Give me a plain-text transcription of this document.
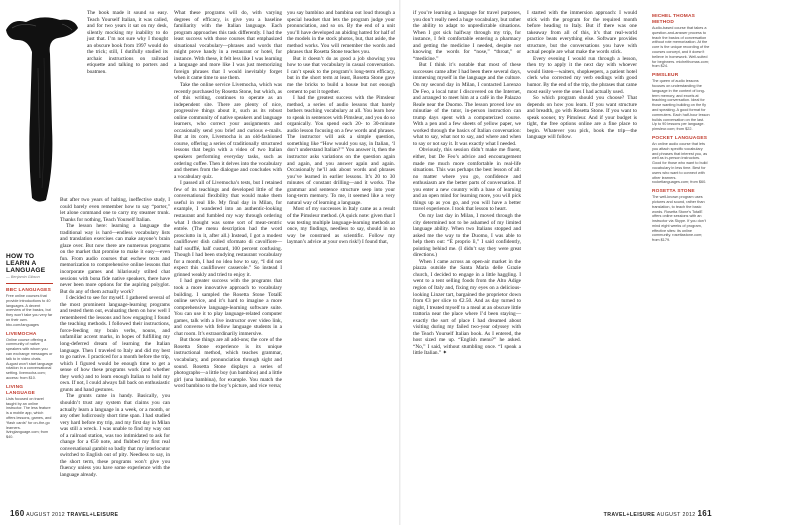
The book made it sound so easy. Teach Yourself Italian, it was called, and for two years it sat on my desk, silently mocking my inability to do just that. I’m not sure why I thought an obscure book from 1997 would do the trick; still, I dutifully studied its archaic instructions on railroad etiquette and talking to porters and boatmen.

But after two years of halting, ineffective study, I could barely even remember how to say “porter,” let alone command one to carry my steamer trunk. Thanks for nothing, Teach Yourself Italian.

The lesson here: learning a language the traditional way is hard—endless vocabulary lists and translation exercises can make anyone’s brain glaze over. But now there are numerous programs on the market that promise to make it easy—even fun. From audio courses that eschew texts and memorization to comprehensive online lessons that incorporate games and hilariously stilted chat sessions with bona fide native speakers, there have never been more options for the aspiring polyglot. But do any of them actually work?

I decided to see for myself. I gathered several of the most prominent language-learning programs and tested them out, evaluating them on how well I remembered the lessons and how engaging I found the teaching methods. I followed their instructions, force-feeding my brain verbs, nouns, and unfamiliar accent marks, in hopes of fulfilling my long-deferred dream of learning the Italian language. Then I traveled to Italy and did my best to go native. I practiced for a month before the trip, which I figured would be enough time to get a sense of how these programs work (and whether they work) and to learn enough Italian to hold my own. If not, I could always fall back on enthusiastic grunts and hand gestures.

The grunts came in handy. Basically, you shouldn’t trust any system that claims you can actually learn a language in a week, or a month, or any other ludicrously short time span. I had studied very hard before my trip, and my first day in Milan was still a wreck. I was unable to find my way out of a railroad station, was too intimidated to ask for change for a €50 note, and flubbed my first real conversational gambit so badly that my interlocutor switched to English out of pity. Needless to say, in the short term, these programs won’t give you fluency unless you have some experience with the language already.

What these programs will do, with varying degrees of efficacy, is give you a baseline familiarity with the Italian language. Each program approaches this task differently. I had the least success with those courses that emphasized situational vocabulary—phrases and words that might prove handy in a restaurant or hotel, for instance. With these, it felt less like I was learning a language and more like I was just memorizing foreign phrases that I would inevitably forget when it came time to use them.

Take the online service Livemocha, which was recently purchased by Rosetta Stone, but which, as of this writing, continues to operate as an independent site. There are plenty of nice, progressive things about it, such as its robust online community of native speakers and language learners, who correct your assignments and occasionally send you brief and curious e-mails. But at its core, Livemocha is an old-fashioned course, offering a series of traditionally structured lessons that begin with a video of two Italian speakers performing everyday tasks, such as ordering coffee. Then it delves into the vocabulary and themes from the dialogue and concludes with a vocabulary quiz.

I passed all of Livemocha’s tests, but I retained few of its teachings and developed little of the conversational flexibility that would make them useful in real life. My final day in Milan, for example, I wandered into an authentic-looking restaurant and fumbled my way through ordering what I thought was some sort of meat-centric entrée. (The menu description had the word prosciutto in it, after all.) Instead, I got a modest cauliflower dish called sformato di cavolfiore—half soufflé, half custard, 100 percent confusing. Though I had been studying restaurant vocabulary for a month, I had no idea how to say, “I did not expect this cauliflower casserole.” So instead I grinned weakly and tried to enjoy it.

I had greater success with the programs that took a more innovative approach to vocabulary building. I sampled the Rosetta Stone TotalE online service, and it’s hard to imagine a more comprehensive language-learning software suite. You can use it to play language-related computer games, talk with a live instructor over video link, and converse with fellow language students in a chat room. It’s extraordinarily immersive.

But those things are all add-ons; the core of the Rosetta Stone experience is its unique instructional method, which teaches grammar, vocabulary, and pronunciation through sight and sound. Rosetta Stone displays a series of photographs—a little boy (un bambino) and a little girl (una bambina), for example. You match the word bambino to the boy’s picture, and vice versa;

you say bambino and bambina out loud through a special headset that lets the program judge your pronunciation, and so on. By the end of a unit you’ll have developed an abiding hatred for half of the models in the stock photos, but, that aside, the method works. You will remember the words and phrases that Rosetta Stone teaches you.

But it doesn’t do as good a job showing you how to use that vocabulary in casual conversation. I can’t speak to the program’s long-term efficacy, but in the short term at least, Rosetta Stone gave me the bricks to build a house but not enough cement to put it together.

I had the greatest success with the Pimsleur method, a series of audio lessons that barely bothers teaching vocabulary at all. You learn how to speak in sentences with Pimsleur, and you do so organically. You spend each 20- to 30-minute audio lesson focusing on a few words and phrases. The instructor will ask a simple question, something like “How would you say, in Italian, ‘I don’t understand Italian?’” You answer it, then the instructor asks variations on the question again and again, and you answer again and again. Occasionally he’ll ask about words and phrases you’ve learned in earlier lessons. It’s 20 to 30 minutes of constant drilling—and it works. The grammar and sentence structure seep into your long-term memory. To me, it seemed like a very natural way of learning a language.

Most of my successes in Italy came as a result of the Pimsleur method. (A quick note: given that I was testing multiple language-learning methods at once, my findings, needless to say, should in no way be construed as scientific. Follow my layman’s advice at your own risk!) I found that,

if you’re learning a language for travel purposes, you don’t really need a huge vocabulary, but rather the ability to adapt to unpredictable situations. When I got sick halfway through my trip, for instance, I felt comfortable entering a pharmacy and getting the medicine I needed, despite not knowing the words for “nose,” “throat,” or “medicine.”

But I think it’s notable that most of these successes came after I had been there several days, immersing myself in the language and the culture. On my second day in Milan, I contacted Lorenzo De Feo, a local tutor I discovered on the Internet, and arranged to meet him at a café in the Palazzo Reale near the Duomo. The lesson proved low on minutiae of the tutor, in-person instruction can trump days spent with a computerized course. With a pen and a few sheets of yellow paper, we worked through the basics of Italian conversation: what to say, what not to say, and where and when to say or not say it. It was exactly what I needed.

Obviously, this session didn’t make me fluent, either, but De Feo’s advice and encouragement made me much more comfortable in real-life situations. This was perhaps the best lesson of all: no matter where you go, confidence and enthusiasm are the better parts of conversation. If you enter a new country with a base of learning and an open mind for learning more, you will pick things up as you go, and you will have a better travel experience. I took that lesson to heart.

On my last day in Milan, I moved through the city determined not to be ashamed of my limited language ability. When two Italians stopped and asked me the way to the Duomo, I was able to help them out: “È proprio lì,” I said confidently, pointing behind me. (I didn’t say they were great directions.)

When I came across an open-air market in the piazza outside the Santa Maria delle Grazie church, I decided to engage in a little haggling. I went to a tent selling foods from the Alto Adige region of Italy and, fixing my eyes on a delicious-looking Linzer tart, bargained the proprietor down from €3 per slice to €2.50. And as day turned to night, I treated myself to a meal at an obscure little trattoria near the place where I’d been staying—exactly the sort of place I had dreamed about visiting during my failed two-year odyssey with the Teach Yourself Italian book. As I entered, the host sized me up. “English menu?” he asked. “No,” I said, without stumbling once. “I speak a little Italian.” ✦

I started with the immersion approach: I would stick with the program for the required month before heading to Italy. But if there was one takeaway from all of this, it’s that real-world practice beats everything else. Software provides structure, but the conversations you have with actual people are what make the words stick.

Every evening I would run through a lesson, then try to apply it the next day with whoever would listen—waiters, shopkeepers, a patient hotel clerk who corrected my verb endings with good humor. By the end of the trip, the phrases that came most easily were the ones I had actually used.

So which program should you choose? That depends on how you learn. If you want structure and breadth, go with Rosetta Stone. If you want to speak sooner, try Pimsleur. And if your budget is tight, the free options online are a fine place to begin. Whatever you pick, book the trip—the language will follow.

HOW TO LEARN A LANGUAGE
— Benjamin Gibson
BBC LANGUAGES
Free online courses that provide introductions to 40 languages. A decent overview of the basics, but they won’t take you very far on their own. bbc.com/languages
LIVEMOCHA
Online course offering a community of native speakers with whom you can exchange messages or talk to in video chats. August won’t start language rotation in a conversational setting. livemocha.com; access: from $10.
LIVING LANGUAGE
Lists focused on travel taught by an online instructor. The less feature is a mobile app, which offers lessons, games, and “flash cards” for on-the-go learners. livinglanguage.com; from $40.
MICHEL THOMAS METHOD
Audio-based course that takes a question-and-answer process to teach the basics of conversation without rote memorization. At the core is the unique recording of the courses concept, and it doesn’t believe in homework. Well-suited for beginners. michelthomas.com; from $24.
PIMSLEUR
The queen of audio lessons focuses on understanding the language in the context of long-term memory, and excels at teaching conversation. Ideal for those wanting building on the fly and speaking. A good format for commuters. Each half-hour lesson builds conversation on the last. Up to 90 lessons per language. pimsleur.com; from $22.
POCKET LANGUAGES
An online audio course that lets you attach specific vocabulary and phrases that interest you, as well as in-person instructors. Good for those who want to build vocabulary in less time. Best for users who want to connect with other learners. rocketlanguages.com; from $60.
ROSETTA STONE
The well-known program uses pictures and sound, rather than translation, to teach the basic words. Rosetta Stone’s TotalE offers online sessions with an instructor via Skype. If you don’t mind eight weeks of program, effective sites: its online community. rosettastone.com; from $179.
160 AUGUST 2012 TRAVEL+LEISURE	TRAVEL+LEISURE AUGUST 2012 161
